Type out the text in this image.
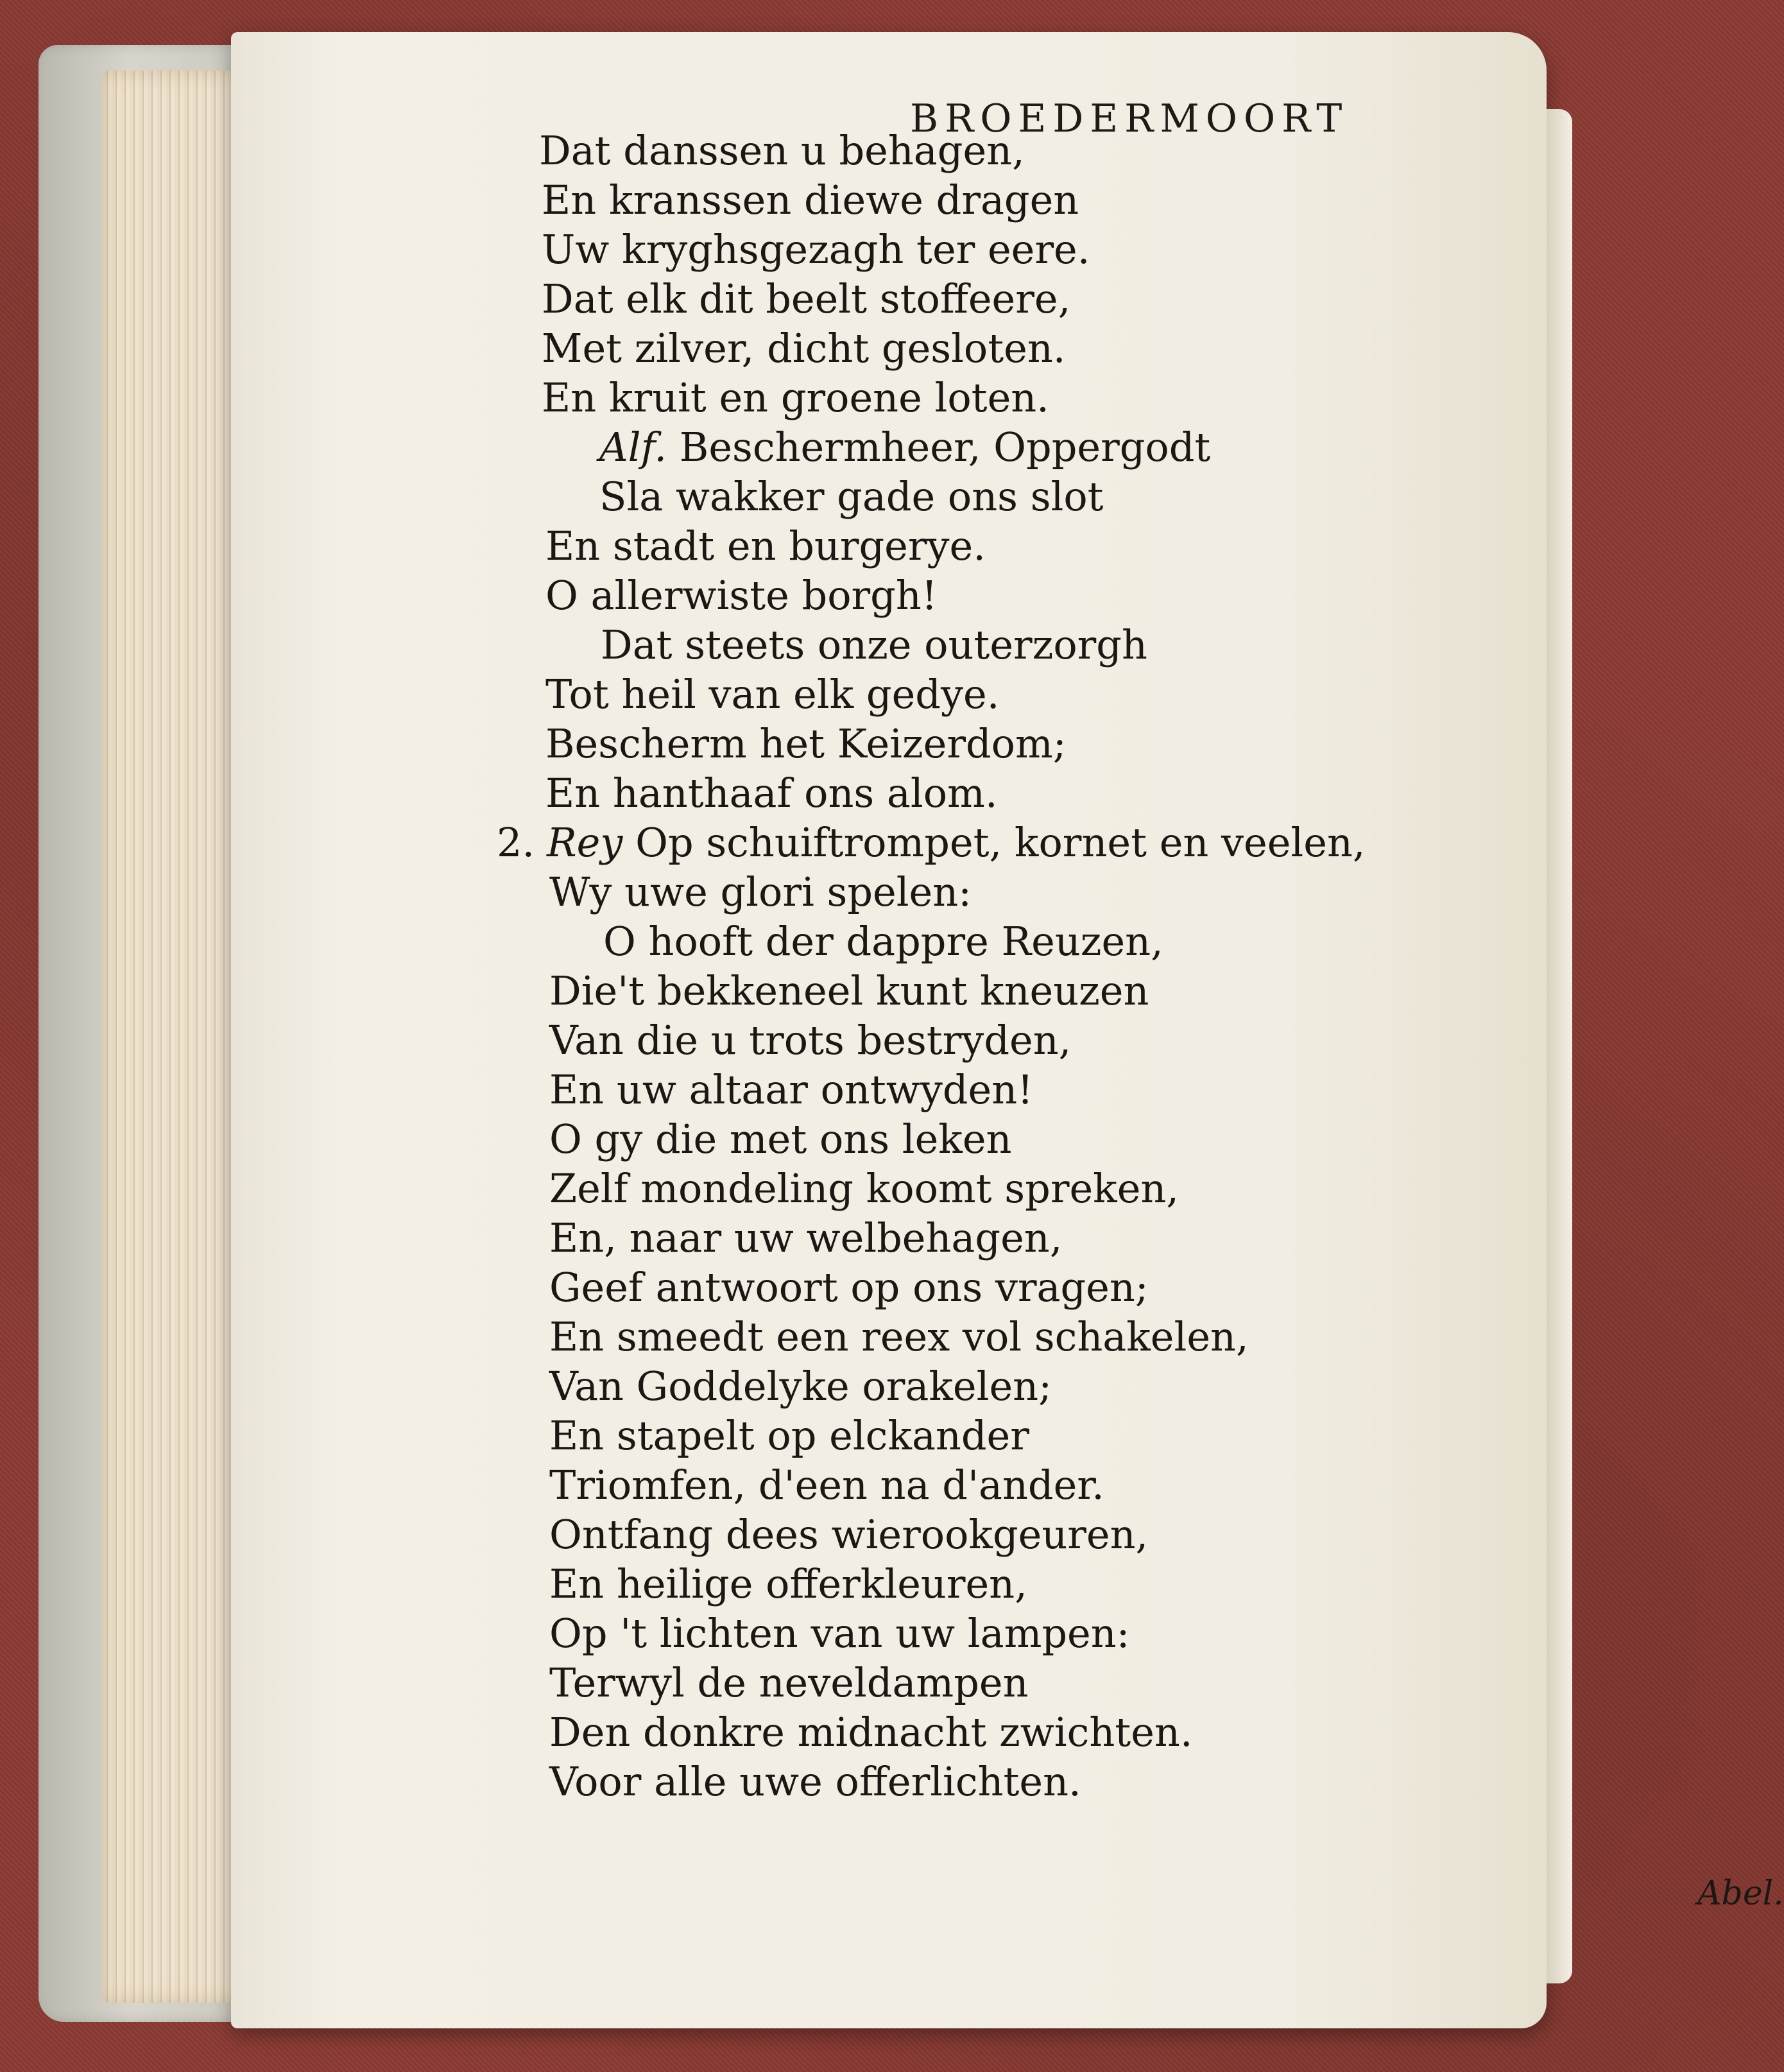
BROEDERMOORT
Dat danssen u behagen,
En kranssen diewe dragen
Uw kryghsgezagh ter eere.
Dat elk dit beelt stoffeere,
Met zilver, dicht gesloten.
En kruit en groene loten.
Alf. Beschermheer, Oppergodt
Sla wakker gade ons slot
En stadt en burgerye.
O allerwiste borgh!
Dat steets onze outerzorgh
Tot heil van elk gedye.
Bescherm het Keizerdom;
En hanthaaf ons alom.
2. Rey Op schuiftrompet, kornet en veelen,
Wy uwe glori spelen:
O hooft der dappre Reuzen,
Die't bekkeneel kunt kneuzen
Van die u trots bestryden,
En uw altaar ontwyden!
O gy die met ons leken
Zelf mondeling koomt spreken,
En, naar uw welbehagen,
Geef antwoort op ons vragen;
En smeedt een reex vol schakelen,
Van Goddelyke orakelen;
En stapelt op elckander
Triomfen, d'een na d'ander.
Ontfang dees wierookgeuren,
En heilige offerkleuren,
Op 't lichten van uw lampen:
Terwyl de neveldampen
Den donkre midnacht zwichten.
Voor alle uwe offerlichten.
Abel.
